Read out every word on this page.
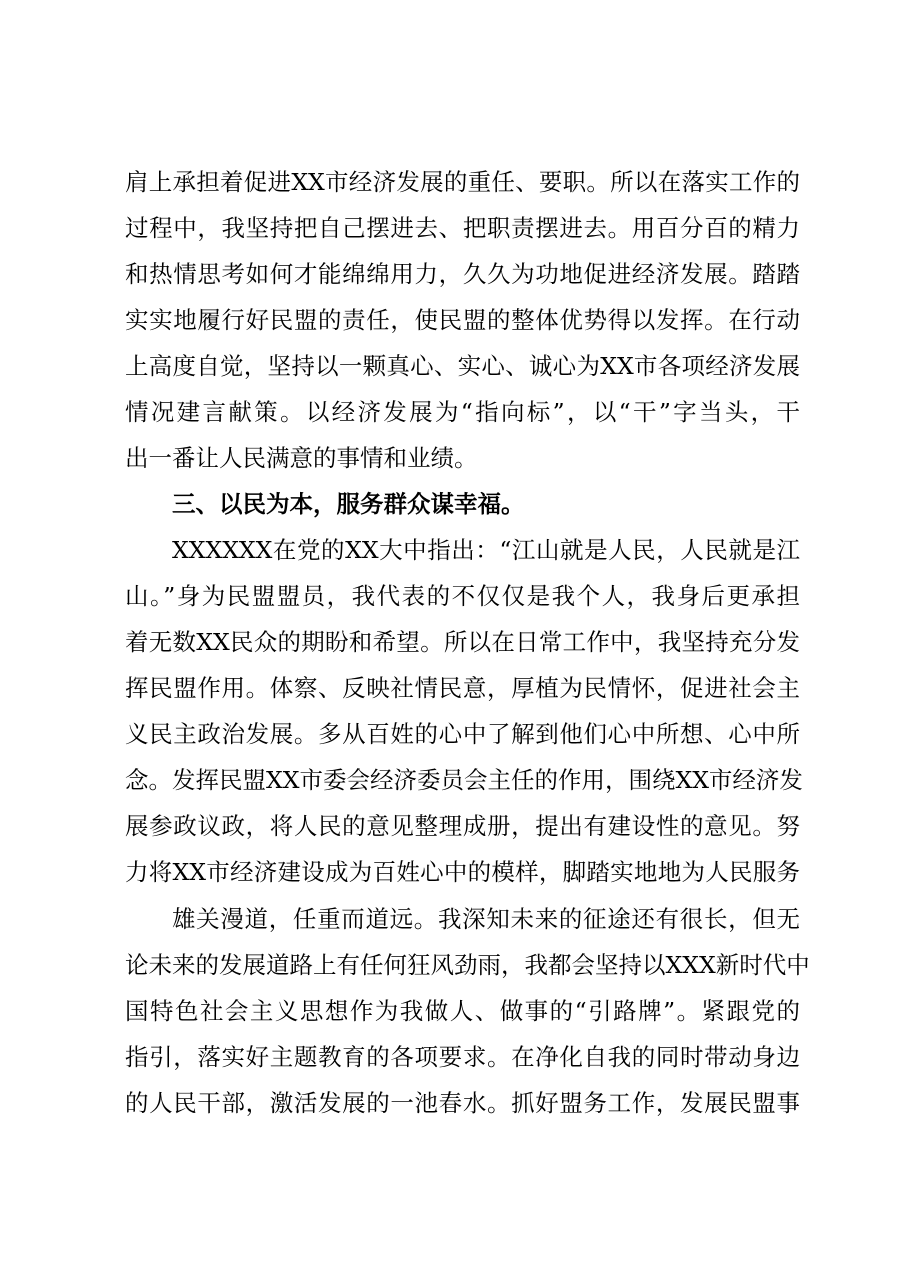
肩上承担着促进XX市经济发展的重任、要职。所以在落实工作的
过程中，我坚持把自己摆进去、把职责摆进去。用百分百的精力
和热情思考如何才能绵绵用力，久久为功地促进经济发展。踏踏
实实地履行好民盟的责任，使民盟的整体优势得以发挥。在行动
上高度自觉，坚持以一颗真心、实心、诚心为XX市各项经济发展
情况建言献策。以经济发展为“指向标”，以“干”字当头，干
出一番让人民满意的事情和业绩。
三、以民为本，服务群众谋幸福。
XXXXXX在党的XX大中指出：“江山就是人民，人民就是江
山。”身为民盟盟员，我代表的不仅仅是我个人，我身后更承担
着无数XX民众的期盼和希望。所以在日常工作中，我坚持充分发
挥民盟作用。体察、反映社情民意，厚植为民情怀，促进社会主
义民主政治发展。多从百姓的心中了解到他们心中所想、心中所
念。发挥民盟XX市委会经济委员会主任的作用，围绕XX市经济发
展参政议政，将人民的意见整理成册，提出有建设性的意见。努
力将XX市经济建设成为百姓心中的模样，脚踏实地地为人民服务
雄关漫道，任重而道远。我深知未来的征途还有很长，但无
论未来的发展道路上有任何狂风劲雨，我都会坚持以XXX新时代中
国特色社会主义思想作为我做人、做事的“引路牌”。紧跟党的
指引，落实好主题教育的各项要求。在净化自我的同时带动身边
的人民干部，激活发展的一池春水。抓好盟务工作，发展民盟事
